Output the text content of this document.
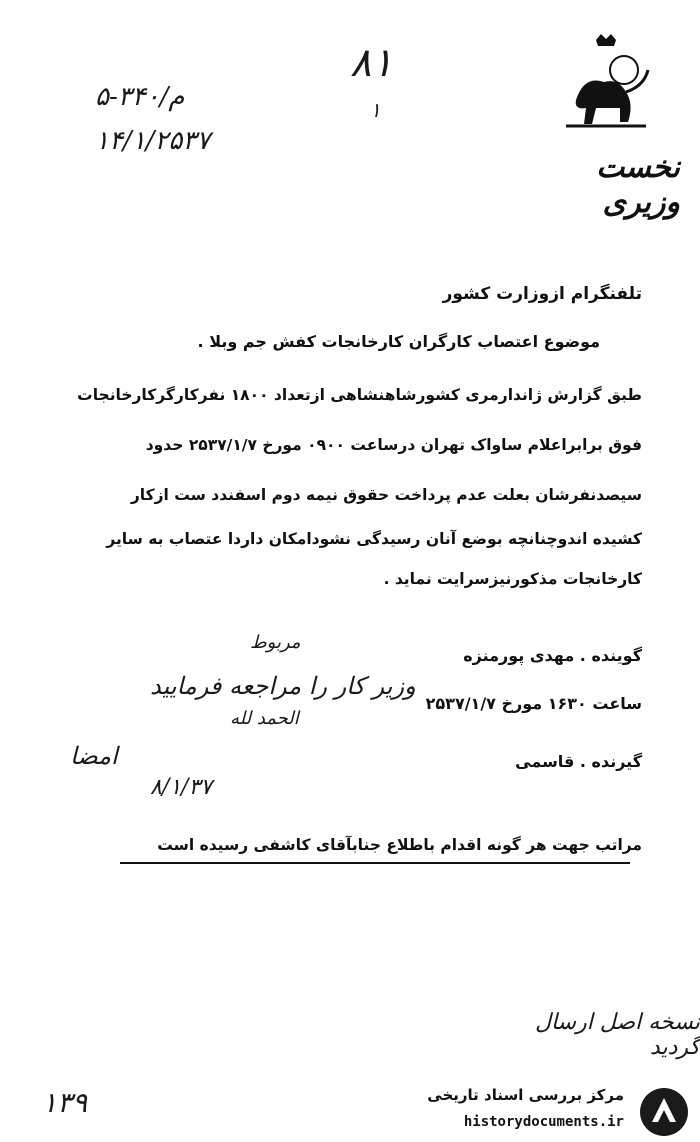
نخست وزیری
۵-۳۴۰/م
۱۴/۱/۲۵۳۷
۸۱
۱
تلفنگرام ازوزارت کشور
موضوع اعتصاب کارگران کارخانجات کفش جم وبلا .
طبق گزارش ژاندارمری کشورشاهنشاهی ازتعداد ۱۸۰۰ نفرکارگرکارخانجات
فوق برابراعلام ساواک تهران درساعت ۰۹۰۰ مورخ ۲۵۳۷/۱/۷ حدود
سیصدنفرشان بعلت عدم پرداخت حقوق نیمه دوم اسفندد ست ازکار
کشیده اندوچنانچه بوضع آنان رسیدگی نشودامکان داردا عتصاب به سایر
کارخانجات مذکورنیزسرایت نماید .
گوینده . مهدی پورمنزه
ساعت ۱۶۳۰ مورخ ۲۵۳۷/۱/۷
گیرنده . قاسمی
مربوط
وزیر کار را مراجعه فرمایید
الحمد لله
امضا
۸/۱/۳۷
مراتب جهت هر گونه اقدام باطلاع جنابآقای کاشفی رسیده است
نسخه اصل ارسال گردید
۱۳۹	مرکز بررسی اسناد تاریخی
historydocuments.ir
